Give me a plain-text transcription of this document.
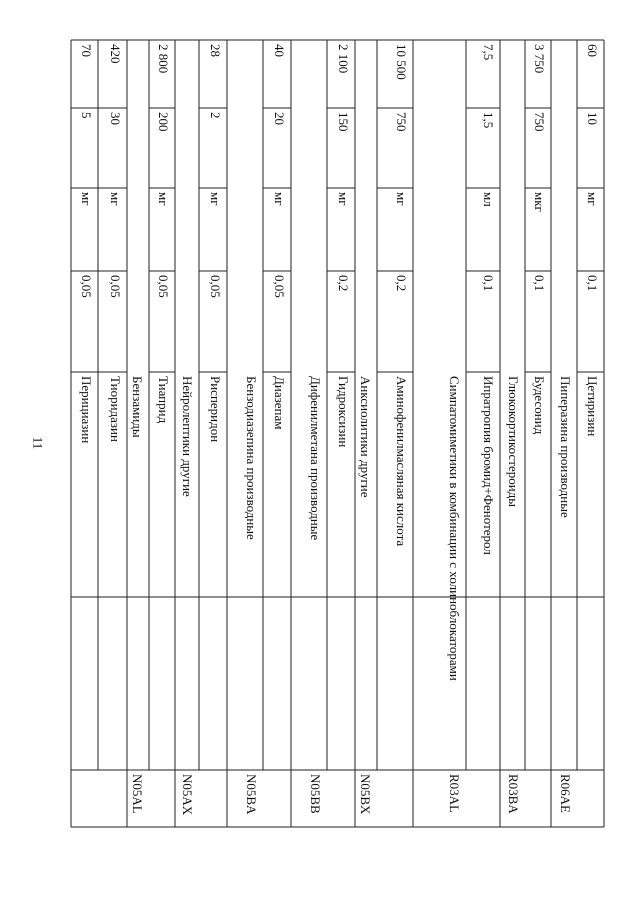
11	Перициазин
0,05
мг
5
70
Тиоридазин
0,05
мг
30
420
N05AL
Бензамиды Тиаприд
0,05
мг
200
2 800
N05AX
Нейролептики другие Рисперидон
0,05
мг
2
28
N05BA
Бензодиазепина производные Диазепам
0,05
мг
20
40
N05BB
Дифенилметана производные Гидроксизин
0,2
мг
150
2 100
N05BX
Анксиолитики другие Аминофенилмасляная кислота
0,2
мг
750
10 500
R03AL
Симпатомиметики в комбинации с холиноблокаторами Ипратропия бромид+Фенотерол
0,1
мл
1,5
7,5
R03BA
Глюкокортикостероиды Будесонид
0,1
мкг
750
3 750
R06AE
Пиперазина производные Цетиризин
0,1
мг
10
60
